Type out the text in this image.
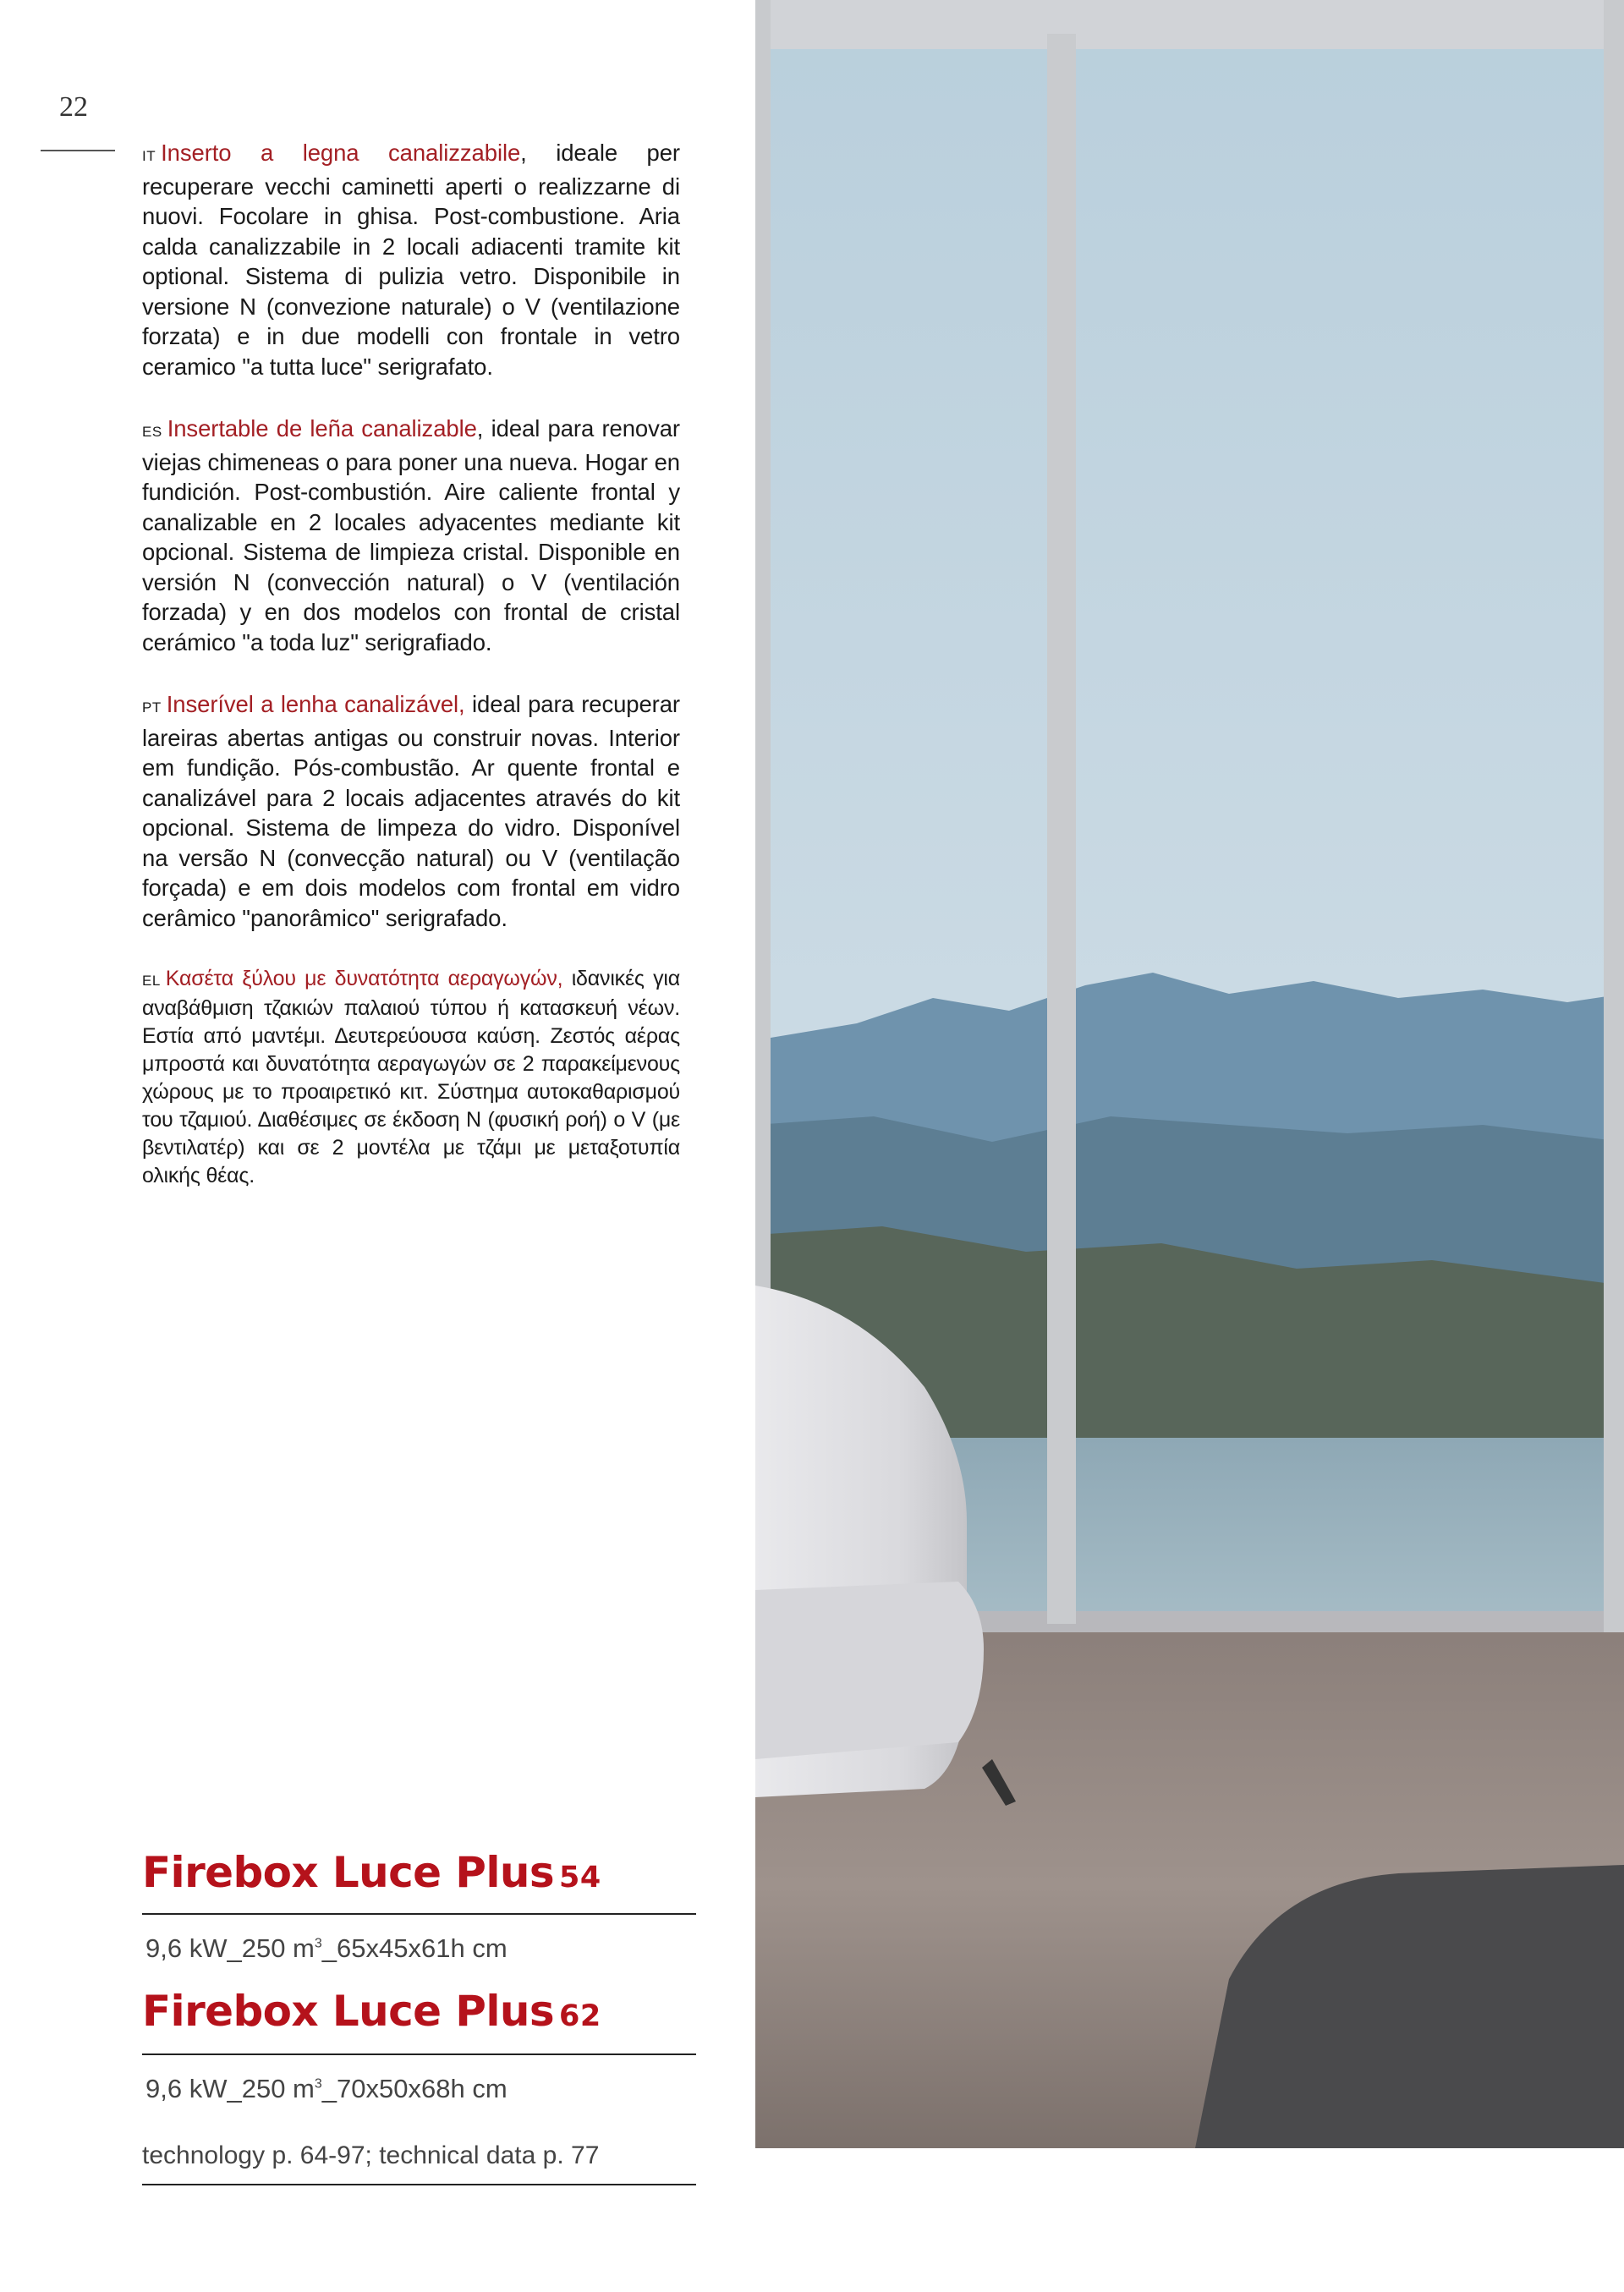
22

IT Inserto a legna canalizzabile, ideale per recuperare vecchi caminetti aperti o realizzarne di nuovi. Focolare in ghisa. Post-combustione. Aria calda canalizzabile in 2 locali adiacenti tramite kit optional. Sistema di pulizia vetro. Disponibile in versione N (convezione naturale) o V (ventilazione forzata) e in due modelli con frontale in vetro ceramico "a tutta luce" serigrafato.

ES Insertable de leña canalizable, ideal para renovar viejas chimeneas o para poner una nueva. Hogar en fundición. Post-combustión. Aire caliente frontal y canalizable en 2 locales adyacentes mediante kit opcional. Sistema de limpieza cristal. Disponible en versión N (convección natural) o V (ventilación forzada) y en dos modelos con frontal de cristal cerámico "a toda luz" serigrafiado.

PT Inserível a lenha canalizável, ideal para recuperar lareiras abertas antigas ou construir novas. Interior em fundição. Pós-combustão. Ar quente frontal e canalizável para 2 locais adjacentes através do kit opcional. Sistema de limpeza do vidro. Disponível na versão N (convecção natural) ou V (ventilação forçada) e em dois modelos com frontal em vidro cerâmico "panorâmico" serigrafado.

EL Κασέτα ξύλου με δυνατότητα αεραγωγών, ιδανικές για αναβάθμιση τζακιών παλαιού τύπου ή κατασκευή νέων. Εστία από μαντέμι. Δευτερεύουσα καύση. Ζεστός αέρας μπροστά και δυνατότητα αεραγωγών σε 2 παρακείμενους χώρους με το προαιρετικό κιτ. Σύστημα αυτοκαθαρισμού του τζαμιού. Διαθέσιμες σε έκδοση N (φυσική ροή) ο V (με βεντιλατέρ) και σε 2 μοντέλα με τζάμι με μεταξοτυπία ολικής θέας.

Firebox Luce Plus 54
9,6 kW_250 $m^3\_65x45x61h$ cm
Firebox Luce Plus 62
9,6 kW_250 $m^3\_70x50x68h$ cm
technology p. 64-97; technical data p. 77
